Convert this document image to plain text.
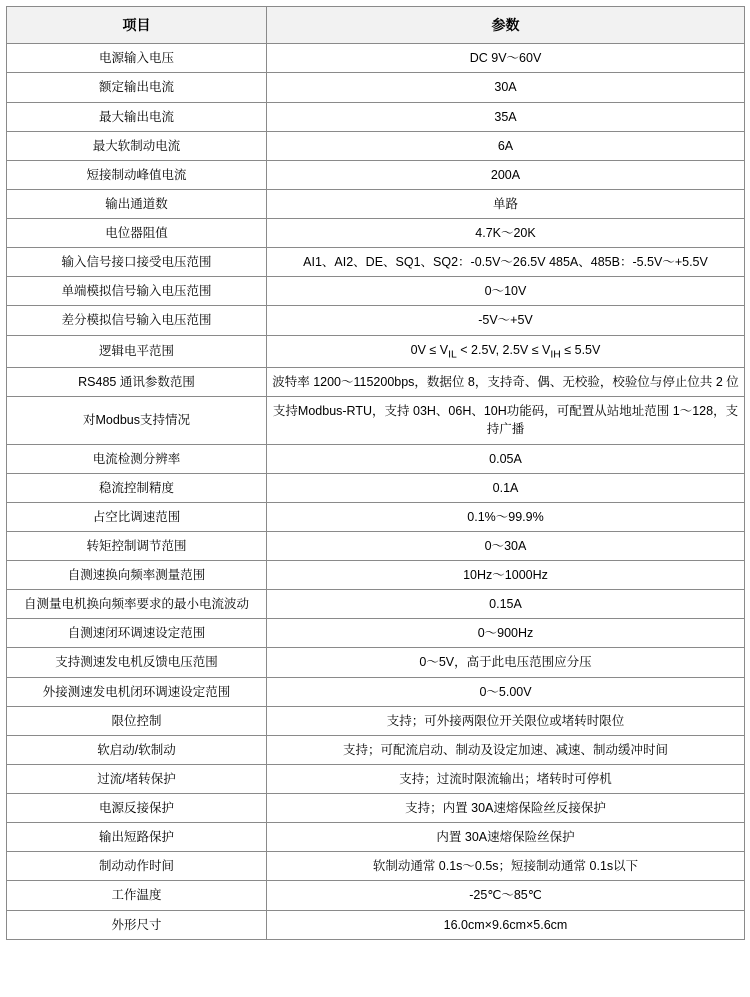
项目	参数
电源输入电压	DC 9V～60V
额定输出电流	30A
最大输出电流	35A
最大软制动电流	6A
短接制动峰值电流	200A
输出通道数	单路
电位器阻值	4.7K～20K
输入信号接口接受电压范围	AI1、AI2、DE、SQ1、SQ2：-0.5V～26.5V 485A、485B：-5.5V～+5.5V
单端模拟信号输入电压范围	0～10V
差分模拟信号输入电压范围	-5V～+5V
逻辑电平范围	$0V \le V_{IL} < 2.5V$, $2.5V \le V_{IH} \le 5.5V$
RS485 通讯参数范围	波特率 1200～115200bps，数据位 8，支持奇、偶、无校验，校验位与停止位共 2 位
对Modbus支持情况	支持Modbus-RTU，支持 03H、06H、10H功能码，可配置从站地址范围 1～128，支持广播
电流检测分辨率	0.05A
稳流控制精度	0.1A
占空比调速范围	0.1%～99.9%
转矩控制调节范围	0～30A
自测速换向频率测量范围	10Hz～1000Hz
自测量电机换向频率要求的最小电流波动	0.15A
自测速闭环调速设定范围	0～900Hz
支持测速发电机反馈电压范围	0～5V，高于此电压范围应分压
外接测速发电机闭环调速设定范围	0～5.00V
限位控制	支持；可外接两限位开关限位或堵转时限位
软启动/软制动	支持；可配流启动、制动及设定加速、减速、制动缓冲时间
过流/堵转保护	支持；过流时限流输出；堵转时可停机
电源反接保护	支持；内置 30A速熔保险丝反接保护
输出短路保护	内置 30A速熔保险丝保护
制动动作时间	软制动通常 0.1s～0.5s；短接制动通常 0.1s以下
工作温度	-25℃～85℃
外形尺寸	16.0cm×9.6cm×5.6cm
